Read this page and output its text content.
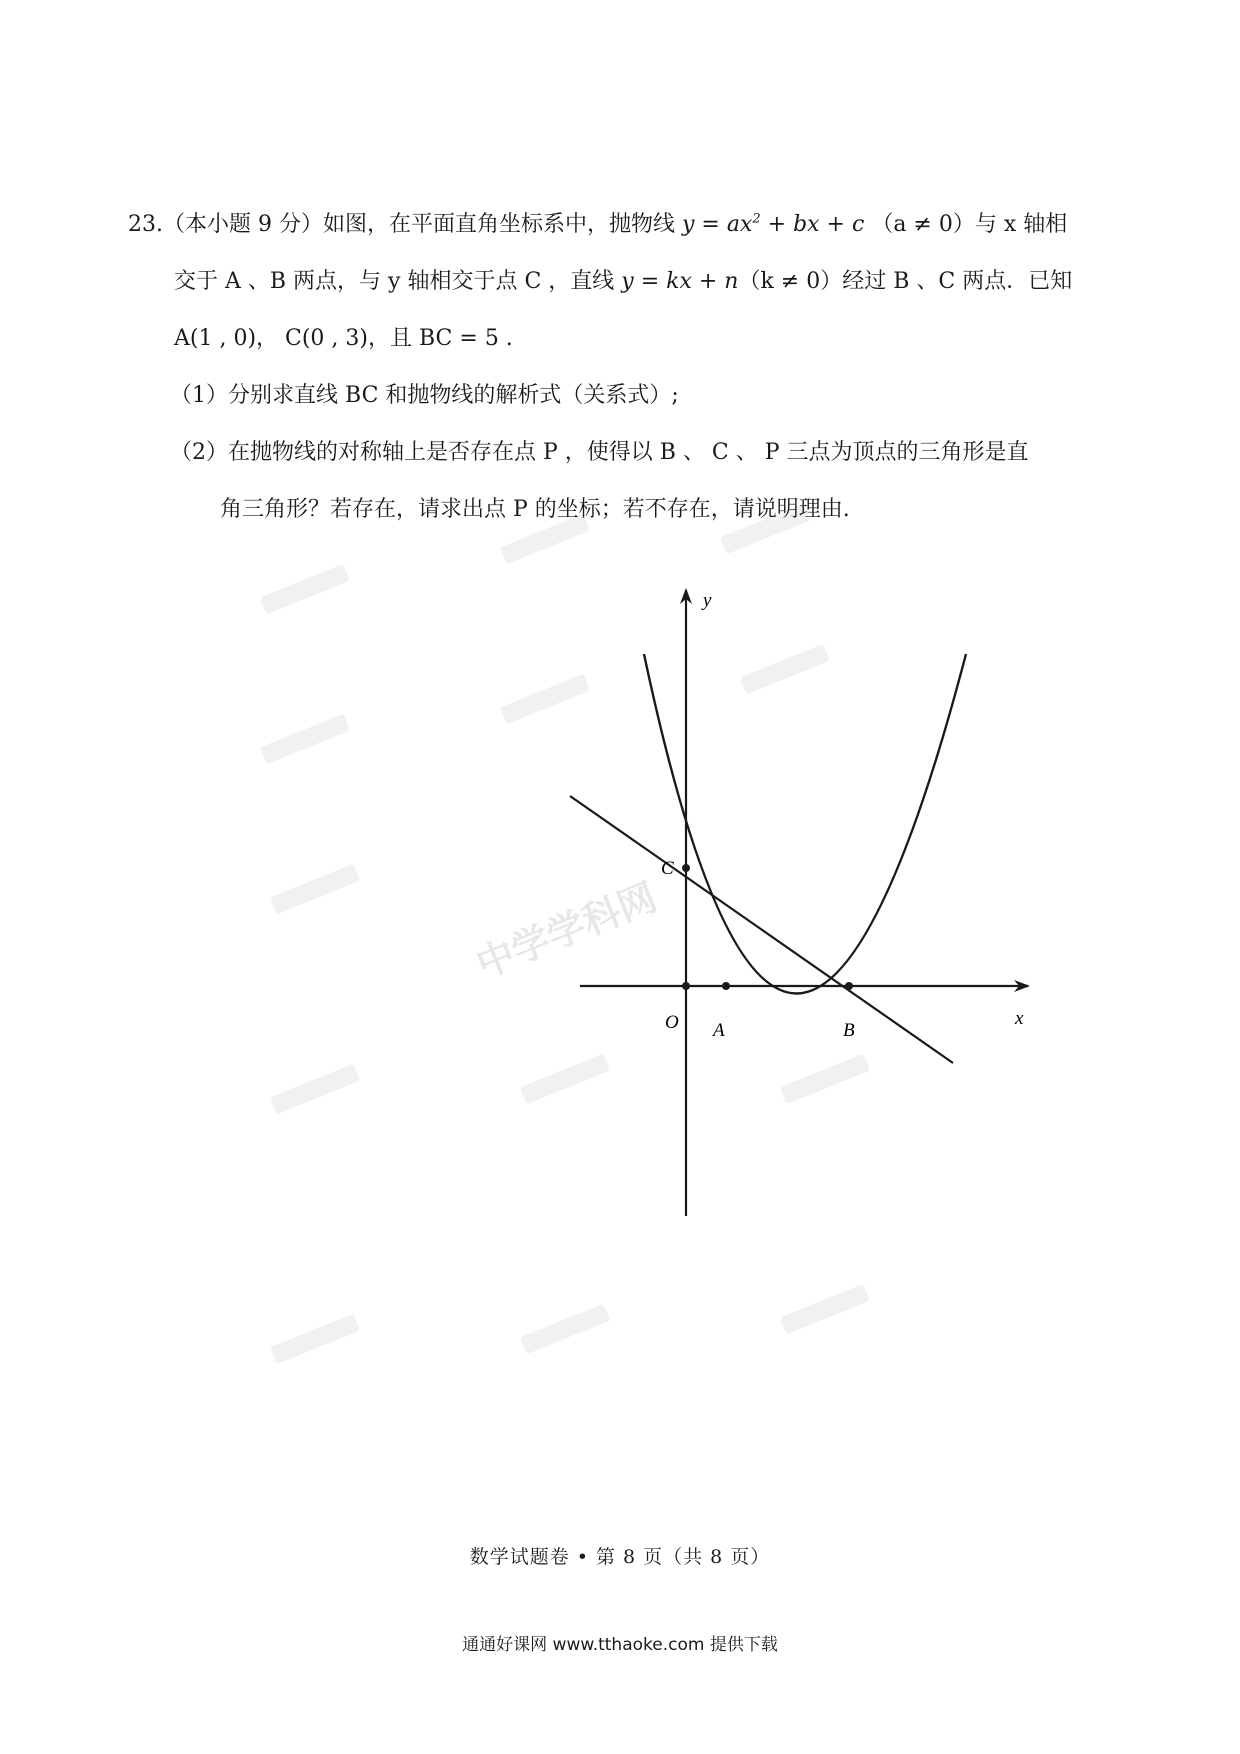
中学学科网
23.（本小题 9 分）如图，在平面直角坐标系中，抛物线 $y = ax^2$ + bx + c （a ≠ 0）与 x 轴相
交于 A 、B 两点，与 y 轴相交于点 C ，直线 y = kx + n（k ≠ 0）经过 B 、C 两点．已知
A(1 , 0)， C(0 , 3)，且 BC = 5 .
（1）分别求直线 BC 和抛物线的解析式（关系式）;
（2）在抛物线的对称轴上是否存在点 P ，使得以 B 、 C 、 P 三点为顶点的三角形是直
角三角形？若存在，请求出点 P 的坐标；若不存在，请说明理由.
y
x
O A	B
C
数学试题卷 • 第 8 页（共 8 页）
通通好课网 www.tthaoke.com 提供下载
